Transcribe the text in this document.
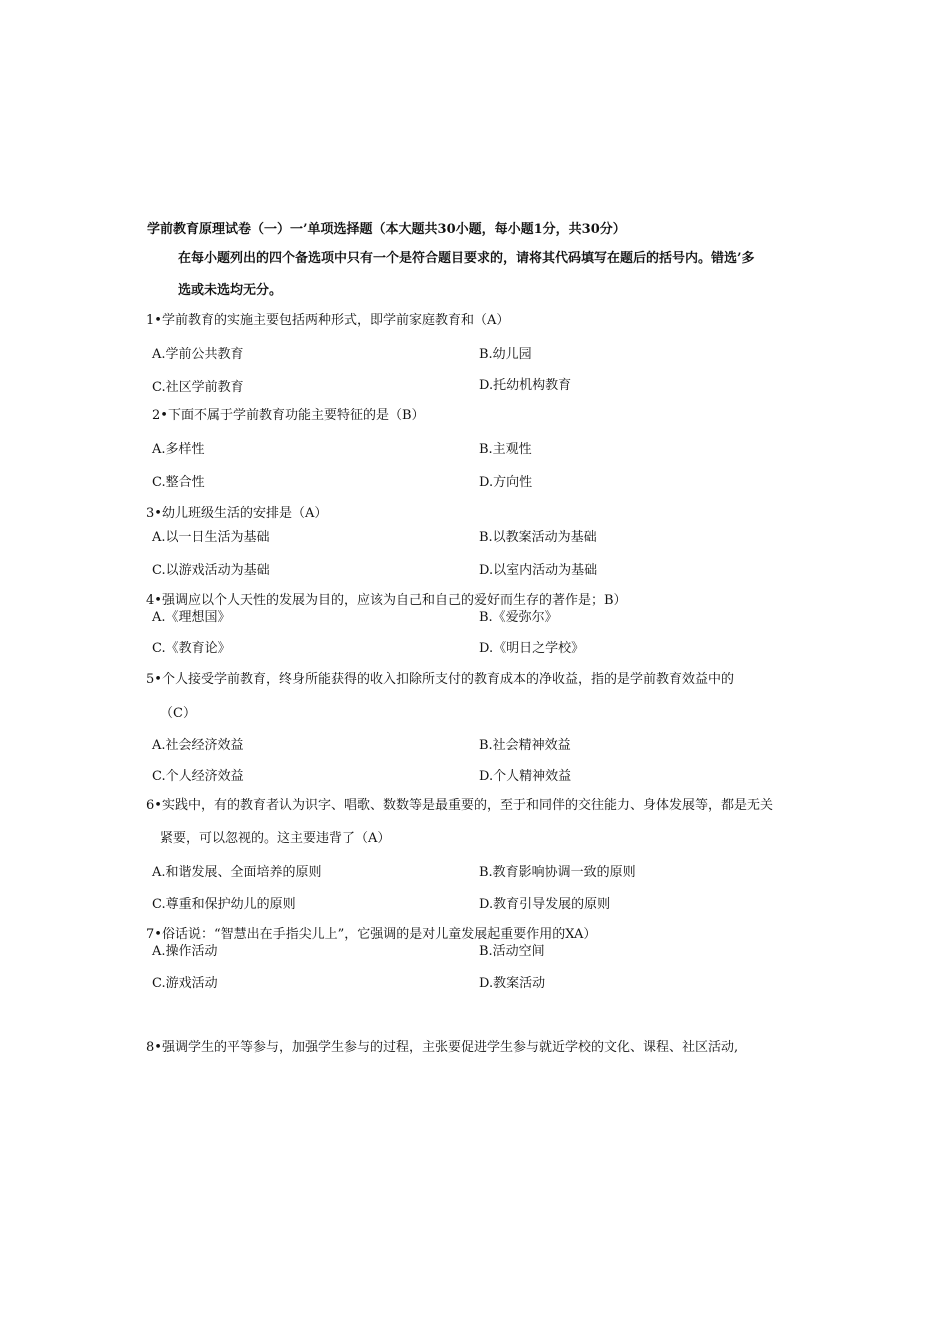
学前教育原理试卷（一）一’单项选择题（本大题共30小题，每小题1分，共30分）
在每小题列出的四个备选项中只有一个是符合题目要求的，请将其代码填写在题后的括号内。错选’多
选或未选均无分。
1•学前教育的实施主要包括两种形式，即学前家庭教育和（A）
A.学前公共教育	B.幼儿园
C.社区学前教育	D.托幼机构教育
2•下面不属于学前教育功能主要特征的是（B）
A.多样性	B.主观性
C.整合性	D.方向性
3•幼儿班级生活的安排是（A）
A.以一日生活为基础	B.以教案活动为基础
C.以游戏活动为基础	D.以室内活动为基础
4•强调应以个人天性的发展为目的，应该为自己和自己的爱好而生存的著作是；B）
A.《理想国》	B.《爱弥尔》
C.《教育论》	D.《明日之学校》
5•个人接受学前教育，终身所能获得的收入扣除所支付的教育成本的净收益，指的是学前教育效益中的
（C）
A.社会经济效益	B.社会精神效益
C.个人经济效益	D.个人精神效益
6•实践中，有的教育者认为识字、唱歌、数数等是最重要的，至于和同伴的交往能力、身体发展等，都是无关
紧要，可以忽视的。这主要违背了（A）
A.和谐发展、全面培养的原则	B.教育影响协调一致的原则
C.尊重和保护幼儿的原则	D.教育引导发展的原则
7•俗话说：“智慧出在手指尖儿上”，它强调的是对儿童发展起重要作用的XA）
A.操作活动	B.活动空间
C.游戏活动	D.教案活动
8•强调学生的平等参与，加强学生参与的过程，主张要促进学生参与就近学校的文化、课程、社区活动,
